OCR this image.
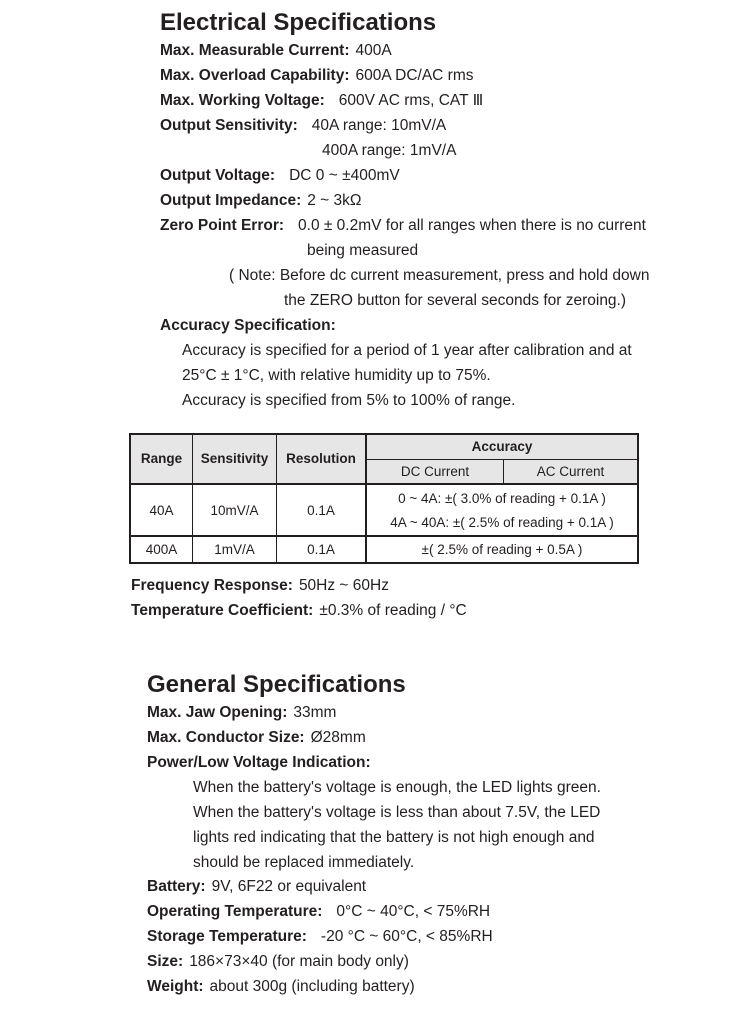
Electrical Specifications
Max. Measurable Current: 400A
Max. Overload Capability: 600A DC/AC rms
Max. Working Voltage: 600V AC rms, CAT Ⅲ
Output Sensitivity: 40A range: 10mV/A
400A range: 1mV/A
Output Voltage: DC 0 ~ ±400mV
Output Impedance: 2 ~ 3kΩ
Zero Point Error: 0.0 ± 0.2mV for all ranges when there is no current
being measured
( Note: Before dc current measurement, press and hold down
the ZERO button for several seconds for zeroing.)
Accuracy Specification:
Accuracy is specified for a period of 1 year after calibration and at
25°C ± 1°C, with relative humidity up to 75%.
Accuracy is specified from 5% to 100% of range.
Range	Sensitivity	Resolution
Accuracy
DC Current	AC Current
40A	10mV/A	0.1A
0 ~ 4A: ±( 3.0% of reading + 0.1A )
4A ~ 40A: ±( 2.5% of reading + 0.1A )
400A	1mV/A	0.1A	±( 2.5% of reading + 0.5A )
Frequency Response: 50Hz ~ 60Hz
Temperature Coefficient: ±0.3% of reading / °C
General Specifications
Max. Jaw Opening: 33mm
Max. Conductor Size: Ø28mm
Power/Low Voltage Indication:
When the battery's voltage is enough, the LED lights green.
When the battery's voltage is less than about 7.5V, the LED
lights red indicating that the battery is not high enough and
should be replaced immediately.
Battery: 9V, 6F22 or equivalent
Operating Temperature: 0°C ~ 40°C, < 75%RH
Storage Temperature: -20 °C ~ 60°C, < 85%RH
Size: 186×73×40 (for main body only)
Weight: about 300g (including battery)
